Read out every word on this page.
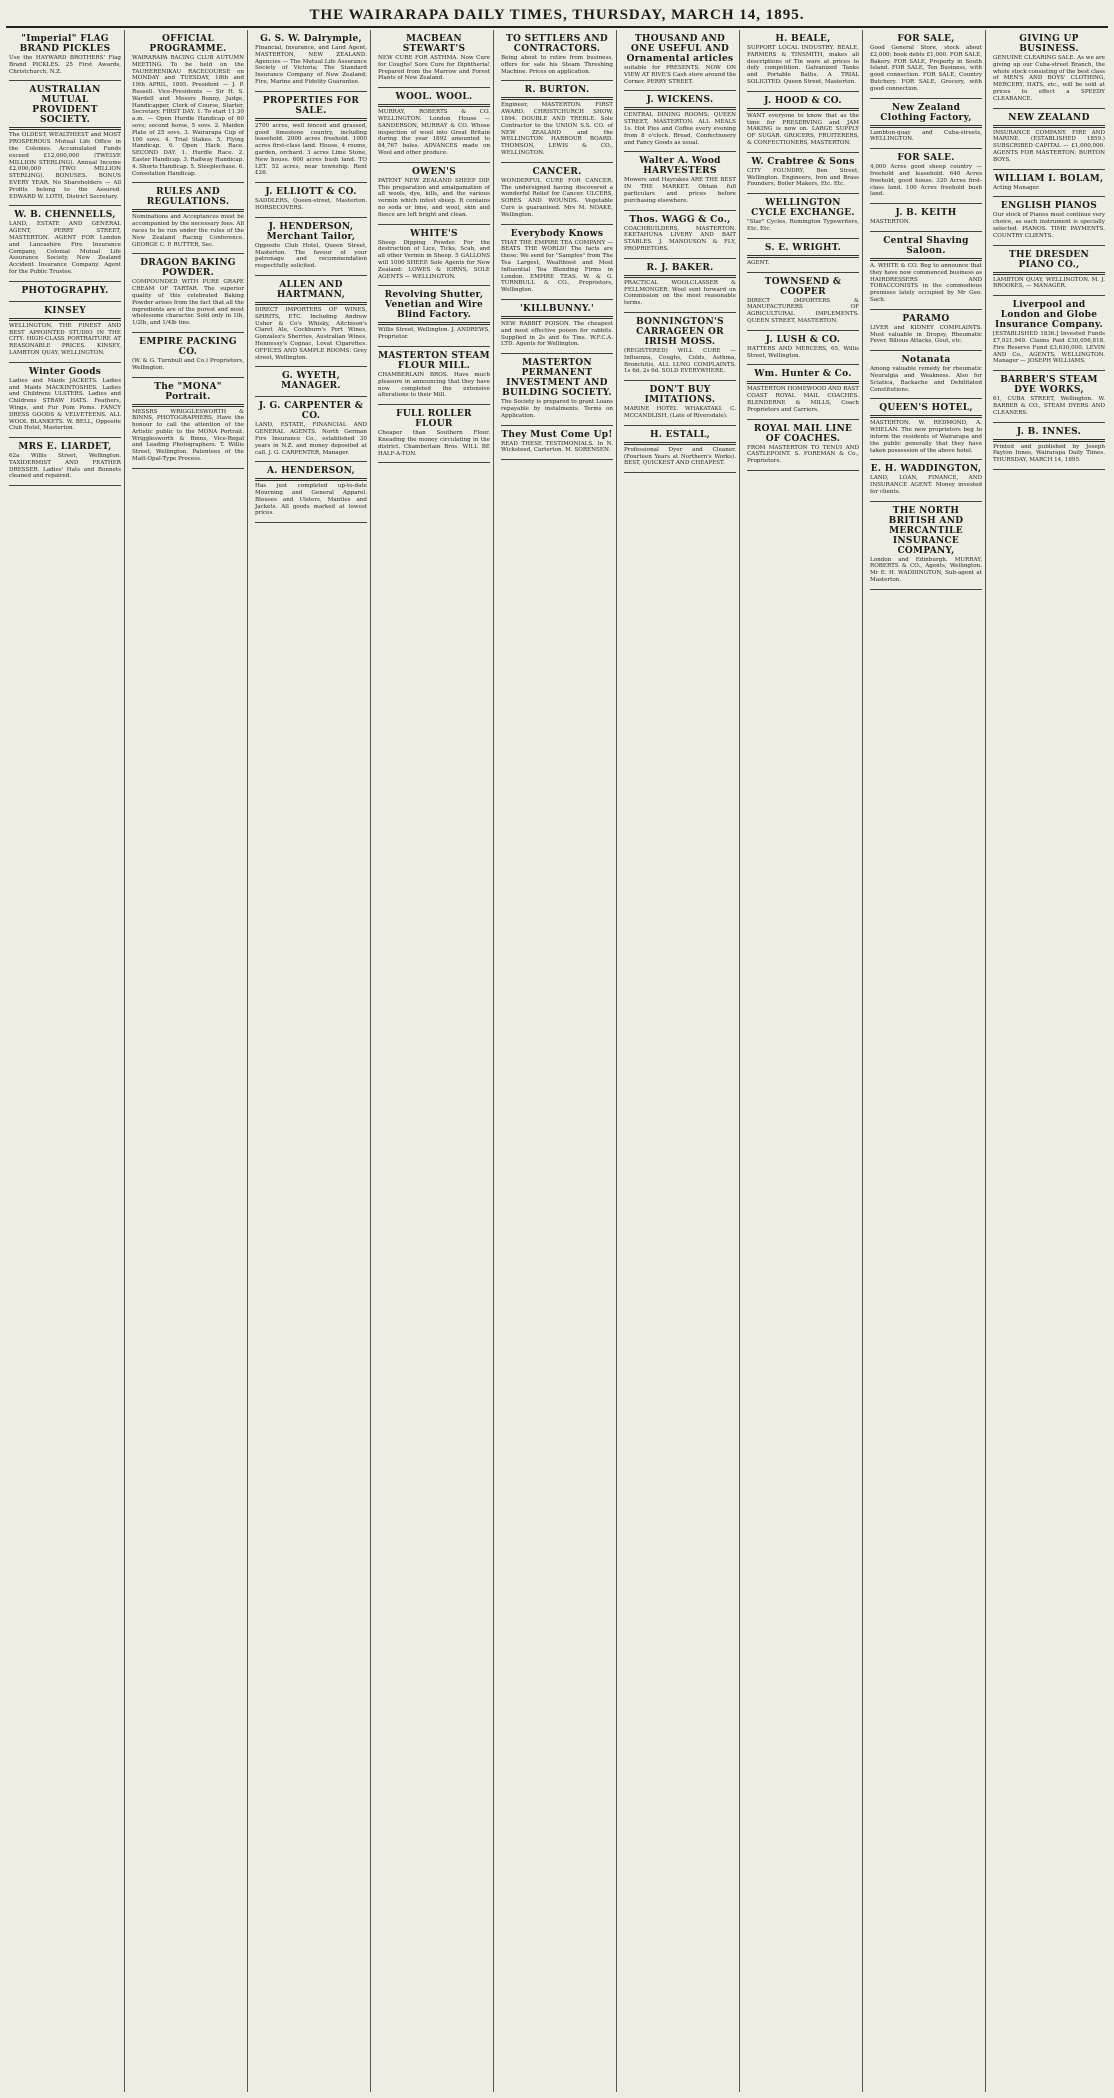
THE WAIRARAPA DAILY TIMES, THURSDAY, MARCH 14, 1895.
"Imperial" FLAG BRAND PICKLES

Use the HAYWARD BROTHERS' Flag Brand PICKLES. 25 First Awards, Christchurch, N.Z.

AUSTRALIAN MUTUAL PROVIDENT SOCIETY.

The OLDEST, WEALTHIEST and MOST PROSPEROUS Mutual Life Office in the Colonies. Accumulated Funds exceed £12,000,000 (TWELVE MILLION STERLING). Annual Income £2,000,000 (TWO MILLION STERLING). BONUSES. BONUS EVERY YEAR. No Shareholders — All Profits belong to the Assured. EDWARD W. LOTH, District Secretary.

W. B. CHENNELLS,

LAND, ESTATE AND GENERAL AGENT, PERRY STREET, MASTERTON. AGENT FOR London and Lancashire Fire Insurance Company, Colonial Mutual Life Assurance Society, New Zealand Accident Insurance Company. Agent for the Public Trustee.

PHOTOGRAPHY.

KINSEY

WELLINGTON. THE FINEST AND BEST APPOINTED STUDIO IN THE CITY. HIGH-CLASS PORTRAITURE AT REASONABLE PRICES. KINSEY, LAMBTON QUAY, WELLINGTON.

Winter Goods

Ladies and Maids JACKETS. Ladies and Maids MACKINTOSHES. Ladies and Childrens ULSTERS. Ladies and Childrens STRAW HATS. Feathers, Wings, and Fur Pom Poms. FANCY DRESS GOODS & VELVETEENS. ALL WOOL BLANKETS. W. BELL, Opposite Club Hotel, Masterton.

MRS E. LIARDET,

62a Willis Street, Wellington. TAXIDERMIST AND FEATHER DRESSER. Ladies' Hats and Bonnets cleaned and repaired.

OFFICIAL PROGRAMME.

WAIRARAPA RACING CLUB AUTUMN MEETING. To be held on the TAUHERENIKAU RACECOURSE on MONDAY and TUESDAY, 18th and 19th APRIL, 1895. President — J. P. Russell. Vice-Presidents — Sir H. S. Wardell and Messrs Bunny, Judge, Handicapper, Clerk of Course, Starter, Secretary. FIRST DAY. 1. To start 11.30 a.m. — Open Hurdle Handicap of 60 sovs; second horse, 5 sovs. 2. Maiden Plate of 25 sovs. 3. Wairarapa Cup of 100 sovs. 4. Trial Stakes. 5. Flying Handicap. 6. Open Hack Race. SECOND DAY. 1. Hurdle Race. 2. Easter Handicap. 3. Railway Handicap. 4. Shorts Handicap. 5. Steeplechase. 6. Consolation Handicap.

RULES AND REGULATIONS.

Nominations and Acceptances must be accompanied by the necessary fees. All races to be run under the rules of the New Zealand Racing Conference. GEORGE C. P. RUTTER, Sec.

DRAGON BAKING POWDER.

COMPOUNDED WITH PURE GRAPE CREAM OF TARTAR. The superior quality of this celebrated Baking Powder arises from the fact that all the ingredients are of the purest and most wholesome character. Sold only in 1lb, 1/2lb, and 1/4lb tins.

EMPIRE PACKING CO.

(W. & G. Turnbull and Co.) Proprietors, Wellington.

The "MONA" Portrait.

MESSRS WRIGGLESWORTH & BINNS, PHOTOGRAPHERS, Have the honour to call the attention of the Artistic public to the MONA Portrait. Wrigglesworth & Binns, Vice-Regal and Leading Photographers. T. Willis Street, Wellington. Patentees of the Matt-Opal-Type Process.

G. S. W. Dalrymple,

Financial, Insurance, and Land Agent, MASTERTON, NEW ZEALAND. Agencies — The Mutual Life Assurance Society of Victoria; The Standard Insurance Company of New Zealand; Fire, Marine and Fidelity Guarantee.

PROPERTIES FOR SALE.

2700 acres, well fenced and grassed, good limestone country, including leasehold. 2000 acres freehold. 1000 acres first-class land. House, 4 rooms, garden, orchard. 3 acres Lime Stone, New house. 600 acres bush land. TO LET. 52 acres, near township. Rent £26.

J. ELLIOTT & CO.

SADDLERS, Queen-street, Masterton. HORSECOVERS.

J. HENDERSON, Merchant Tailor,

Opposite Club Hotel, Queen Street, Masterton. The favour of your patronage and recommendation respectfully solicited.

ALLEN AND HARTMANN,

DIRECT IMPORTERS OF WINES, SPIRITS, ETC. Including Andrew Usher & Co's Whisky, Aitchison's Claret Ale, Cockburn's Port Wines, Gonzalez's Sherries, Australian Wines, Hennessy's Cognac, Lovat Cigarettes. OFFICES AND SAMPLE ROOMS: Grey street, Wellington.

G. WYETH, MANAGER.

J. G. CARPENTER & CO.

LAND, ESTATE, FINANCIAL AND GENERAL AGENTS. North German Fire Insurance Co., established 30 years in N.Z. and money deposited at call. J. G. CARPENTER, Manager.

A. HENDERSON,

Has just completed up-to-date Mourning and General Apparel. Blouses and Ulsters, Mantles and Jackets. All goods marked at lowest prices.

MACBEAN STEWART'S

NEW CURE FOR ASTHMA. Now Cure for Coughs! Sore Cure for Diphtheria! Prepared from the Marrow and Forest Plants of New Zealand.

WOOL. WOOL.

MURRAY, ROBERTS & CO. WELLINGTON. London House — SANDERSON, MURRAY & CO. Whose inspection of wool into Great Britain during the year 1892 amounted to 84,767 bales. ADVANCES made on Wool and other produce.

OWEN'S

PATENT NEW ZEALAND SHEEP DIP. This preparation and amalgamation of all wools, dye, kills, and the various vermin which infest sheep. It contains no soda or lime, and wool, skin and fleece are left bright and clean.

WHITE'S

Sheep Dipping Powder. For the destruction of Lice, Ticks, Scab, and all other Vermin in Sheep. 5 GALLONS will 1000 SHEEP. Sole Agents for New Zealand: LOWES & IORNS, SOLE AGENTS — WELLINGTON.

Revolving Shutter, Venetian and Wire Blind Factory.

Willis Street, Wellington. J. ANDREWS, Proprietor.

MASTERTON STEAM FLOUR MILL.

CHAMBERLAIN BROS. Have much pleasure in announcing that they have now completed the extensive alterations to their Mill.

FULL ROLLER FLOUR

Cheaper than Southern Flour. Kneading the money circulating in the district. Chamberlain Bros. WILL BE HALF-A-TON.

TO SETTLERS AND CONTRACTORS.

Being about to retire from business, offers for sale his Steam Threshing Machine. Prices on application.

R. BURTON.

Engineer, MASTERTON. FIRST AWARD. CHRISTCHURCH SHOW, 1894. DOUBLE AND TREBLE. Sole Contractor to the UNION S.S. CO. of NEW ZEALAND and the WELLINGTON HARBOUR BOARD. THOMSON, LEWIS & CO., WELLINGTON.

CANCER.

WONDERFUL CURE FOR CANCER. The undersigned having discovered a wonderful Relief for Cancer. ULCERS, SORES AND WOUNDS. Vegetable Cure is guaranteed. Mrs M. NOAKE, Wellington.

Everybody Knows

THAT THE EMPIRE TEA COMPANY — BEATS THE WORLD! The facts are these: We send for "Samples" from The Tea Largest, Wealthiest and Most Influential Tea Blending Firms in London. EMPIRE TEAS. W. & G. TURNBULL & CO., Proprietors, Wellington.

'KILLBUNNY.'

NEW RABBIT POISON. The cheapest and most effective poison for rabbits. Supplied in 2s and 6s Tins. W.F.C.A. LTD. Agents for Wellington.

MASTERTON PERMANENT INVESTMENT AND BUILDING SOCIETY.

The Society is prepared to grant Loans repayable by instalments. Terms on Application.

They Must Come Up!

READ THESE TESTIMONIALS. In N. Wicksteed, Carterton. M. SORENSEN.

THOUSAND AND ONE USEFUL AND Ornamental articles

suitable for PRESENTS, NOW ON VIEW AT RIVE'S Cash store around the Corner, PERRY STREET.

J. WICKENS.

CENTRAL DINING ROOMS; QUEEN STREET, MASTERTON. ALL MEALS 1s. Hot Pies and Coffee every evening from 8 o'clock. Bread, Confectionery and Fancy Goods as usual.

Walter A. Wood HARVESTERS

Mowers and Hayrakes ARE THE BEST IN THE MARKET. Obtain full particulars and prices before purchasing elsewhere.

Thos. WAGG & Co.,

COACHBUILDERS, MASTERTON. EKETAHUNA LIVERY AND BAIT STABLES. J. MANOUSON & FLY, PROPRIETORS.

R. J. BAKER.

PRACTICAL WOOLCLASSER & FELLMONGER. Wool sent forward on Commission on the most reasonable terms.

BONNINGTON'S CARRAGEEN OR IRISH MOSS.

(REGISTERED) WILL CURE — Influenza, Coughs, Colds, Asthma, Bronchitis, ALL LUNG COMPLAINTS. 1s 6d, 2s 6d. SOLD EVERYWHERE.

DON'T BUY IMITATIONS.

MARINE HOTEL WHAKATAKI. C. MCCANDLISH, (Late of Riversdale).

H. ESTALL,

Professional Dyer and Cleaner. (Fourteen Years at Northern's Works). BEST, QUICKEST AND CHEAPEST.

H. BEALE,

SUPPORT LOCAL INDUSTRY. BEALE, FARMERS & TINSMITH, makes all descriptions of Tin ware at prices to defy competition. Galvanized Tanks and Portable Baths. A TRIAL SOLICITED. Queen Street, Masterton.

J. HOOD & CO.

WANT everyone to know that as the time for PRESERVING and JAM MAKING is now on. LARGE SUPPLY OF SUGAR. GROCERS, FRUITERERS, & CONFECTIONERS, MASTERTON.

W. Crabtree & Sons

CITY FOUNDRY, Ben Street, Wellington. Engineers, Iron and Brass Founders, Boiler Makers, Etc. Etc.

WELLINGTON CYCLE EXCHANGE.

"Star" Cycles, Remington Typewriters, Etc. Etc.

S. E. WRIGHT.

AGENT.

TOWNSEND & COOPER

DIRECT IMPORTERS & MANUFACTURERS OF AGRICULTURAL IMPLEMENTS. QUEEN STREET, MASTERTON.

J. LUSH & CO.

HATTERS AND MERCERS, 65, Willis Street, Wellington.

Wm. Hunter & Co.

MASTERTON HOMEWOOD AND RAST COAST ROYAL MAIL COACHES. BLENDERNE & MILLS, Coach Proprietors and Carriers.

ROYAL MAIL LINE OF COACHES.

FROM MASTERTON TO TENUI AND CASTLEPOINT. S. FOREMAN & Co., Proprietors.

FOR SALE,

Good General Store, stock about £2,000; book debts £1,000. FOR SALE, Bakery. FOR SALE, Property in South Island. FOR SALE, Ten Business, with good connection. FOR SALE, Country Butchery. FOR SALE, Grocery, with good connection.

New Zealand Clothing Factory,

Lambton-quay and Cuba-streets, WELLINGTON.

FOR SALE.

4,000 Acres good sheep country — freehold and leasehold. 640 Acres freehold, good house. 320 Acres first-class land. 100 Acres freehold bush land.

J. B. KEITH

MASTERTON.

Central Shaving Saloon.

A. WHITE & CO. Beg to announce that they have now commenced business as HAIRDRESSERS AND TOBACCONISTS in the commodious premises lately occupied by Mr Geo. Sach.

PARAMO

LIVER and KIDNEY COMPLAINTS. Most valuable in Dropsy, Rheumatic Fever, Bilious Attacks, Gout, etc.

Notanata

Among valuable remedy for rheumatic Neuralgia and Weakness. Also for Sciatica, Backache and Debilitated Constitutions.

QUEEN'S HOTEL,

MASTERTON. W. REDMOND, A. WHELAN. The new proprietors beg to inform the residents of Wairarapa and the public generally that they have taken possession of the above hotel.

E. H. WADDINGTON,

LAND, LOAN, FINANCE, AND INSURANCE AGENT. Money invested for clients.

THE NORTH BRITISH AND MERCANTILE INSURANCE COMPANY,

London and Edinburgh. MURRAY, ROBERTS & CO., Agents, Wellington. Mr E. H. WADDINGTON, Sub-agent at Masterton.

GIVING UP BUSINESS.

GENUINE CLEARING SALE. As we are giving up our Cuba-street Branch, the whole stock consisting of the best class of MEN'S AND BOYS' CLOTHING, MERCERY, HATS, etc., will be sold at prices to effect a SPEEDY CLEARANCE.

NEW ZEALAND

INSURANCE COMPANY. FIRE AND MARINE. (ESTABLISHED 1859.) SUBSCRIBED CAPITAL — £1,000,000. AGENTS FOR MASTERTON: BURTON BOYS.

WILLIAM I. BOLAM,

Acting Manager.

ENGLISH PIANOS

Our stock of Pianos must continue very choice, as each instrument is specially selected. PIANOS. TIME PAYMENTS. COUNTRY CLIENTS.

THE DRESDEN PIANO CO.,

LAMBTON QUAY, WELLINGTON. M. J. BROOKES, — MANAGER.

Liverpool and London and Globe Insurance Company.

[ESTABLISHED 1836.] Invested Funds £7,921,949. Claims Paid £30,056,818. Fire Reserve Fund £3,630,000. LEVIN AND Co., AGENTS, WELLINGTON. Manager — JOSEPH WILLIAMS.

BARBER'S STEAM DYE WORKS,

61, CUBA STREET, Wellington. W. BARBER & CO., STEAM DYERS AND CLEANERS.

J. B. INNES.

Printed and published by Joseph Payton Innes, Wairarapa Daily Times. THURSDAY, MARCH 14, 1895.
